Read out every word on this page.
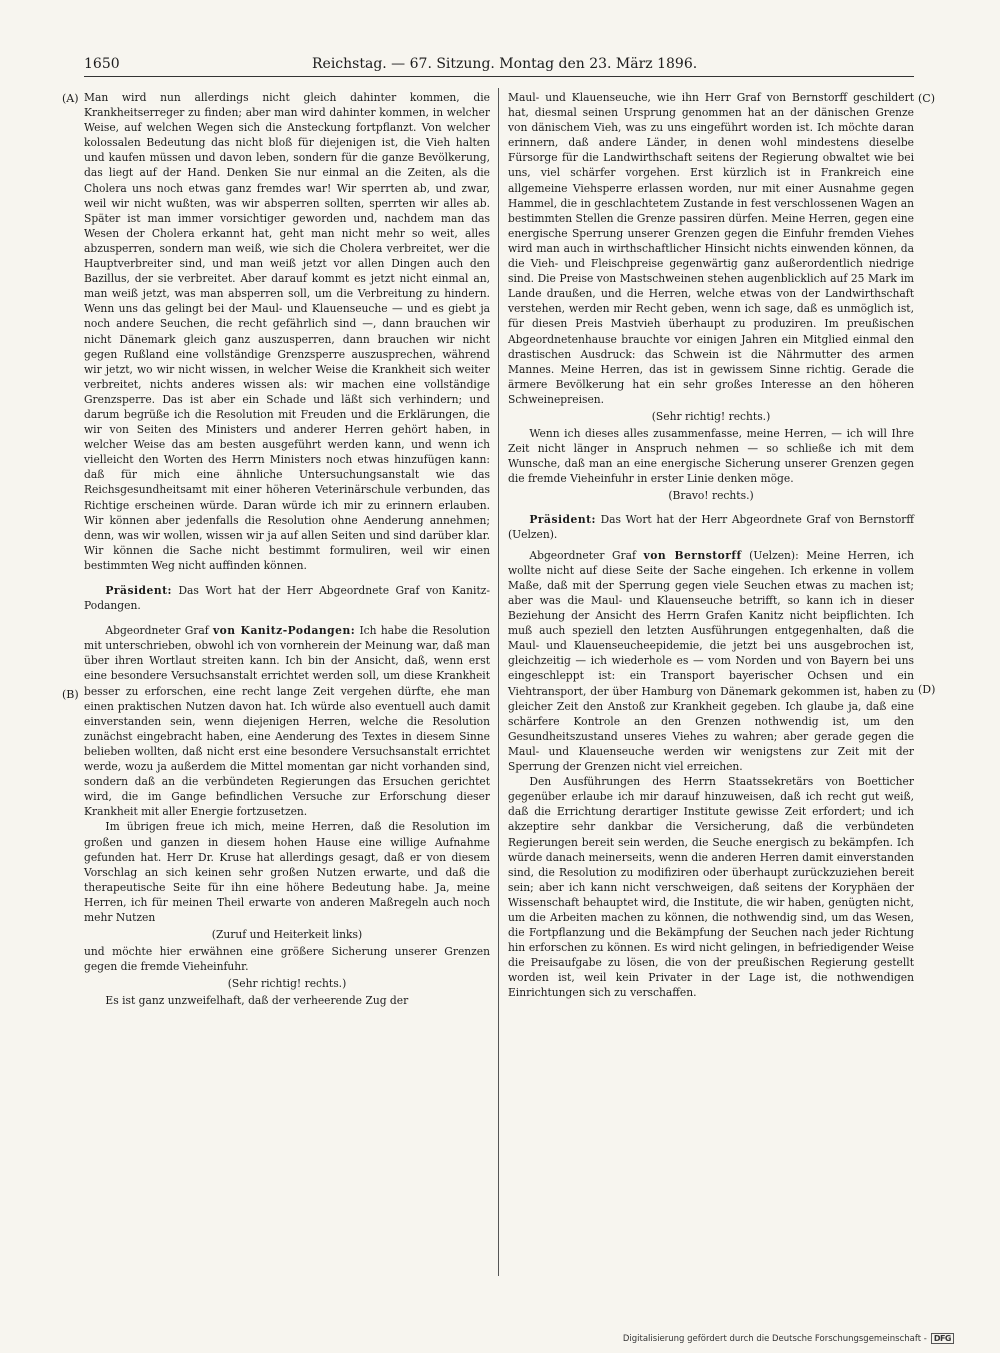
1650	Reichstag. — 67. Sitzung. Montag den 23. März 1896.
(A)
(B)
(C)
(D)

Man wird nun allerdings nicht gleich dahinter kommen, die Krankheitserreger zu finden; aber man wird dahinter kommen, in welcher Weise, auf welchen Wegen sich die Ansteckung fortpflanzt. Von welcher kolossalen Bedeutung das nicht bloß für diejenigen ist, die Vieh halten und kaufen müssen und davon leben, sondern für die ganze Bevölkerung, das liegt auf der Hand. Denken Sie nur einmal an die Zeiten, als die Cholera uns noch etwas ganz fremdes war! Wir sperrten ab, und zwar, weil wir nicht wußten, was wir absperren sollten, sperrten wir alles ab. Später ist man immer vorsichtiger geworden und, nachdem man das Wesen der Cholera erkannt hat, geht man nicht mehr so weit, alles abzusperren, sondern man weiß, wie sich die Cholera verbreitet, wer die Hauptverbreiter sind, und man weiß jetzt vor allen Dingen auch den Bazillus, der sie verbreitet. Aber darauf kommt es jetzt nicht einmal an, man weiß jetzt, was man absperren soll, um die Verbreitung zu hindern. Wenn uns das gelingt bei der Maul- und Klauenseuche — und es giebt ja noch andere Seuchen, die recht gefährlich sind —, dann brauchen wir nicht Dänemark gleich ganz auszusperren, dann brauchen wir nicht gegen Rußland eine vollständige Grenzsperre auszusprechen, während wir jetzt, wo wir nicht wissen, in welcher Weise die Krankheit sich weiter verbreitet, nichts anderes wissen als: wir machen eine vollständige Grenzsperre. Das ist aber ein Schade und läßt sich verhindern; und darum begrüße ich die Resolution mit Freuden und die Erklärungen, die wir von Seiten des Ministers und anderer Herren gehört haben, in welcher Weise das am besten ausgeführt werden kann, und wenn ich vielleicht den Worten des Herrn Ministers noch etwas hinzufügen kann: daß für mich eine ähnliche Untersuchungsanstalt wie das Reichsgesundheitsamt mit einer höheren Veterinärschule verbunden, das Richtige erscheinen würde. Daran würde ich mir zu erinnern erlauben. Wir können aber jedenfalls die Resolution ohne Aenderung annehmen; denn, was wir wollen, wissen wir ja auf allen Seiten und sind darüber klar. Wir können die Sache nicht bestimmt formuliren, weil wir einen bestimmten Weg nicht auffinden können.

Präsident: Das Wort hat der Herr Abgeordnete Graf von Kanitz-Podangen.

Abgeordneter Graf von Kanitz-Podangen: Ich habe die Resolution mit unterschrieben, obwohl ich von vornherein der Meinung war, daß man über ihren Wortlaut streiten kann. Ich bin der Ansicht, daß, wenn erst eine besondere Versuchsanstalt errichtet werden soll, um diese Krankheit besser zu erforschen, eine recht lange Zeit vergehen dürfte, ehe man einen praktischen Nutzen davon hat. Ich würde also eventuell auch damit einverstanden sein, wenn diejenigen Herren, welche die Resolution zunächst eingebracht haben, eine Aenderung des Textes in diesem Sinne belieben wollten, daß nicht erst eine besondere Versuchsanstalt errichtet werde, wozu ja außerdem die Mittel momentan gar nicht vorhanden sind, sondern daß an die verbündeten Regierungen das Ersuchen gerichtet wird, die im Gange befindlichen Versuche zur Erforschung dieser Krankheit mit aller Energie fortzusetzen.

Im übrigen freue ich mich, meine Herren, daß die Resolution im großen und ganzen in diesem hohen Hause eine willige Aufnahme gefunden hat. Herr Dr. Kruse hat allerdings gesagt, daß er von diesem Vorschlag an sich keinen sehr großen Nutzen erwarte, und daß die therapeutische Seite für ihn eine höhere Bedeutung habe. Ja, meine Herren, ich für meinen Theil erwarte von anderen Maßregeln auch noch mehr Nutzen

(Zuruf und Heiterkeit links)

und möchte hier erwähnen eine größere Sicherung unserer Grenzen gegen die fremde Vieheinfuhr.

(Sehr richtig! rechts.)

Es ist ganz unzweifelhaft, daß der verheerende Zug der

Maul- und Klauenseuche, wie ihn Herr Graf von Bernstorff geschildert hat, diesmal seinen Ursprung genommen hat an der dänischen Grenze von dänischem Vieh, was zu uns eingeführt worden ist. Ich möchte daran erinnern, daß andere Länder, in denen wohl mindestens dieselbe Fürsorge für die Landwirthschaft seitens der Regierung obwaltet wie bei uns, viel schärfer vorgehen. Erst kürzlich ist in Frankreich eine allgemeine Viehsperre erlassen worden, nur mit einer Ausnahme gegen Hammel, die in geschlachtetem Zustande in fest verschlossenen Wagen an bestimmten Stellen die Grenze passiren dürfen. Meine Herren, gegen eine energische Sperrung unserer Grenzen gegen die Einfuhr fremden Viehes wird man auch in wirthschaftlicher Hinsicht nichts einwenden können, da die Vieh- und Fleischpreise gegenwärtig ganz außerordentlich niedrige sind. Die Preise von Mastschweinen stehen augenblicklich auf 25 Mark im Lande draußen, und die Herren, welche etwas von der Landwirthschaft verstehen, werden mir Recht geben, wenn ich sage, daß es unmöglich ist, für diesen Preis Mastvieh überhaupt zu produziren. Im preußischen Abgeordnetenhause brauchte vor einigen Jahren ein Mitglied einmal den drastischen Ausdruck: das Schwein ist die Nährmutter des armen Mannes. Meine Herren, das ist in gewissem Sinne richtig. Gerade die ärmere Bevölkerung hat ein sehr großes Interesse an den höheren Schweinepreisen.

(Sehr richtig! rechts.)

Wenn ich dieses alles zusammenfasse, meine Herren, — ich will Ihre Zeit nicht länger in Anspruch nehmen — so schließe ich mit dem Wunsche, daß man an eine energische Sicherung unserer Grenzen gegen die fremde Vieheinfuhr in erster Linie denken möge.

(Bravo! rechts.)

Präsident: Das Wort hat der Herr Abgeordnete Graf von Bernstorff (Uelzen).

Abgeordneter Graf von Bernstorff (Uelzen): Meine Herren, ich wollte nicht auf diese Seite der Sache eingehen. Ich erkenne in vollem Maße, daß mit der Sperrung gegen viele Seuchen etwas zu machen ist; aber was die Maul- und Klauenseuche betrifft, so kann ich in dieser Beziehung der Ansicht des Herrn Grafen Kanitz nicht beipflichten. Ich muß auch speziell den letzten Ausführungen entgegenhalten, daß die Maul- und Klauenseucheepidemie, die jetzt bei uns ausgebrochen ist, gleichzeitig — ich wiederhole es — vom Norden und von Bayern bei uns eingeschleppt ist: ein Transport bayerischer Ochsen und ein Viehtransport, der über Hamburg von Dänemark gekommen ist, haben zu gleicher Zeit den Anstoß zur Krankheit gegeben. Ich glaube ja, daß eine schärfere Kontrole an den Grenzen nothwendig ist, um den Gesundheitszustand unseres Viehes zu wahren; aber gerade gegen die Maul- und Klauenseuche werden wir wenigstens zur Zeit mit der Sperrung der Grenzen nicht viel erreichen.

Den Ausführungen des Herrn Staatssekretärs von Boetticher gegenüber erlaube ich mir darauf hinzuweisen, daß ich recht gut weiß, daß die Errichtung derartiger Institute gewisse Zeit erfordert; und ich akzeptire sehr dankbar die Versicherung, daß die verbündeten Regierungen bereit sein werden, die Seuche energisch zu bekämpfen. Ich würde danach meinerseits, wenn die anderen Herren damit einverstanden sind, die Resolution zu modifiziren oder überhaupt zurückzuziehen bereit sein; aber ich kann nicht verschweigen, daß seitens der Koryphäen der Wissenschaft behauptet wird, die Institute, die wir haben, genügten nicht, um die Arbeiten machen zu können, die nothwendig sind, um das Wesen, die Fortpflanzung und die Bekämpfung der Seuchen nach jeder Richtung hin erforschen zu können. Es wird nicht gelingen, in befriedigender Weise die Preisaufgabe zu lösen, die von der preußischen Regierung gestellt worden ist, weil kein Privater in der Lage ist, die nothwendigen Einrichtungen sich zu verschaffen.

Digitalisierung gefördert durch die Deutsche Forschungsgemeinschaft - DFG
